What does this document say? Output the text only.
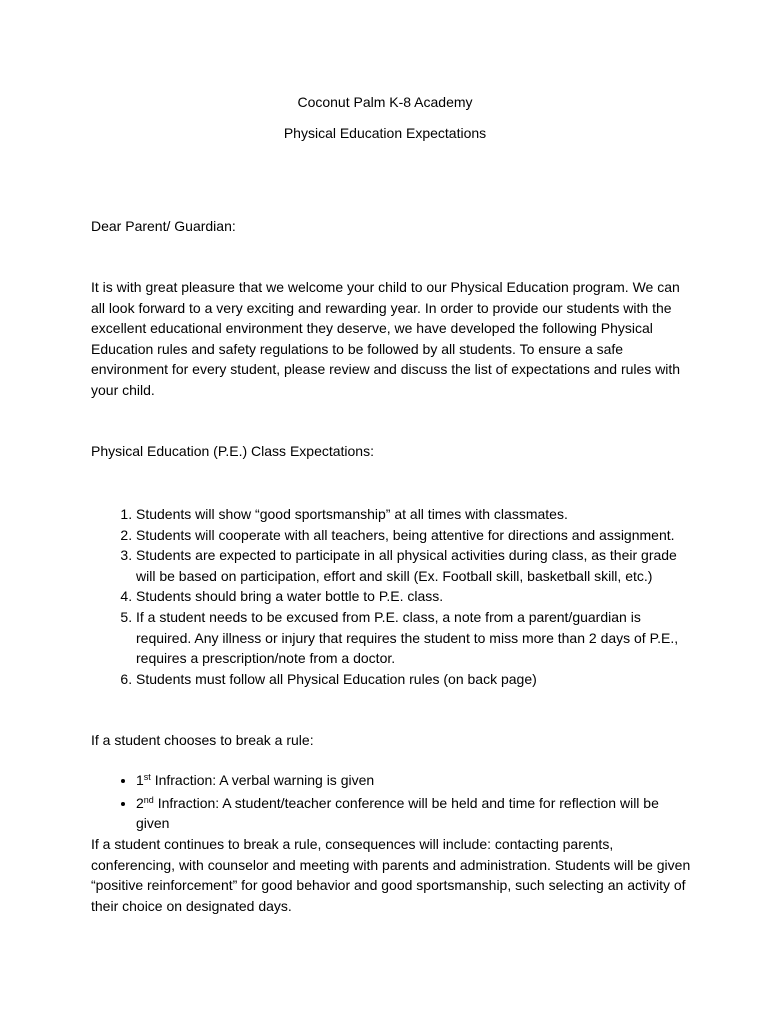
Coconut Palm K-8 Academy
Physical Education Expectations
Dear Parent/ Guardian:

It is with great pleasure that we welcome your child to our Physical Education program. We can all look forward to a very exciting and rewarding year. In order to provide our students with the excellent educational environment they deserve, we have developed the following Physical Education rules and safety regulations to be followed by all students. To ensure a safe environment for every student, please review and discuss the list of expectations and rules with your child.

Physical Education (P.E.) Class Expectations:
1. Students will show “good sportsmanship” at all times with classmates.
2. Students will cooperate with all teachers, being attentive for directions and assignment.
3. Students are expected to participate in all physical activities during class, as their grade will be based on participation, effort and skill (Ex. Football skill, basketball skill, etc.)
4. Students should bring a water bottle to P.E. class.
5. If a student needs to be excused from P.E. class, a note from a parent/guardian is required. Any illness or injury that requires the student to miss more than 2 days of P.E., requires a prescription/note from a doctor.
6. Students must follow all Physical Education rules (on back page)
If a student chooses to break a rule:
• 1st Infraction: A verbal warning is given
• 2nd Infraction: A student/teacher conference will be held and time for reflection will be given

If a student continues to break a rule, consequences will include: contacting parents, conferencing, with counselor and meeting with parents and administration. Students will be given “positive reinforcement” for good behavior and good sportsmanship, such selecting an activity of their choice on designated days.
